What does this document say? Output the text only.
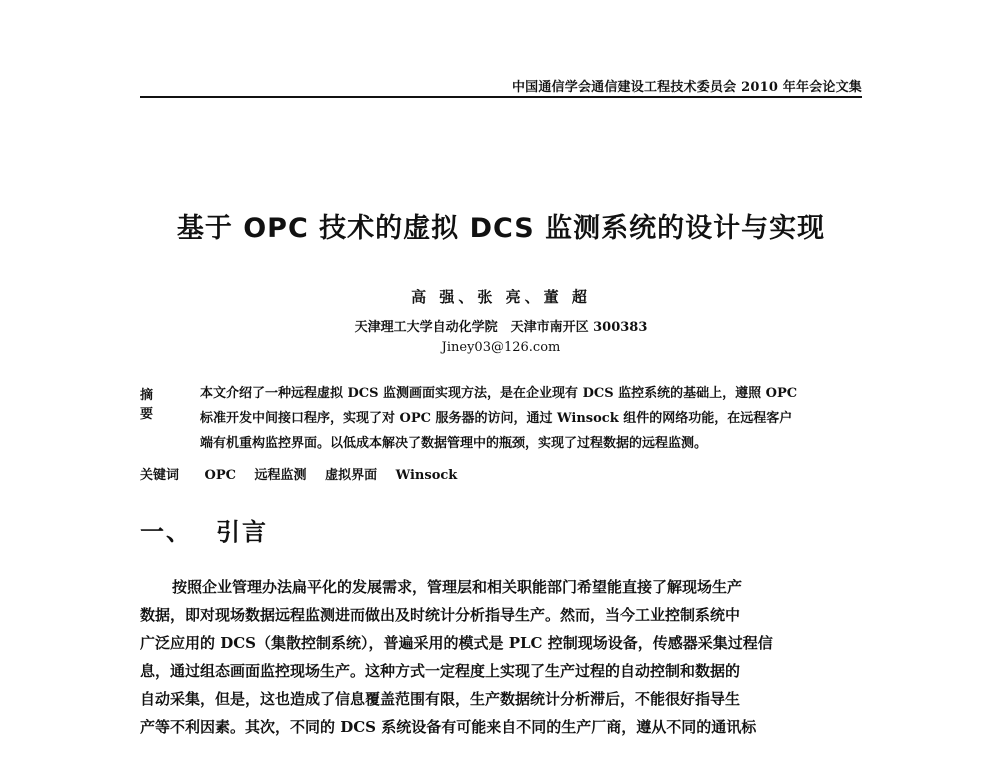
中国通信学会通信建设工程技术委员会 2010 年年会论文集
基于 OPC 技术的虚拟 DCS 监测系统的设计与实现
高 强、张 亮、董 超
天津理工大学自动化学院　天津市南开区 300383
Jiney03@126.com
摘 要
本文介绍了一种远程虚拟 DCS 监测画面实现方法，是在企业现有 DCS 监控系统的基础上，遵照 OPC
标准开发中间接口程序，实现了对 OPC 服务器的访问，通过 Winsock 组件的网络功能，在远程客户
端有机重构监控界面。以低成本解决了数据管理中的瓶颈，实现了过程数据的远程监测。
关键词 OPC 远程监测 虚拟界面 Winsock
一、 引言
按照企业管理办法扁平化的发展需求，管理层和相关职能部门希望能直接了解现场生产
数据，即对现场数据远程监测进而做出及时统计分析指导生产。然而，当今工业控制系统中
广泛应用的 DCS（集散控制系统），普遍采用的模式是 PLC 控制现场设备，传感器采集过程信
息，通过组态画面监控现场生产。这种方式一定程度上实现了生产过程的自动控制和数据的
自动采集，但是，这也造成了信息覆盖范围有限，生产数据统计分析滞后，不能很好指导生
产等不利因素。其次，不同的 DCS 系统设备有可能来自不同的生产厂商，遵从不同的通讯标
